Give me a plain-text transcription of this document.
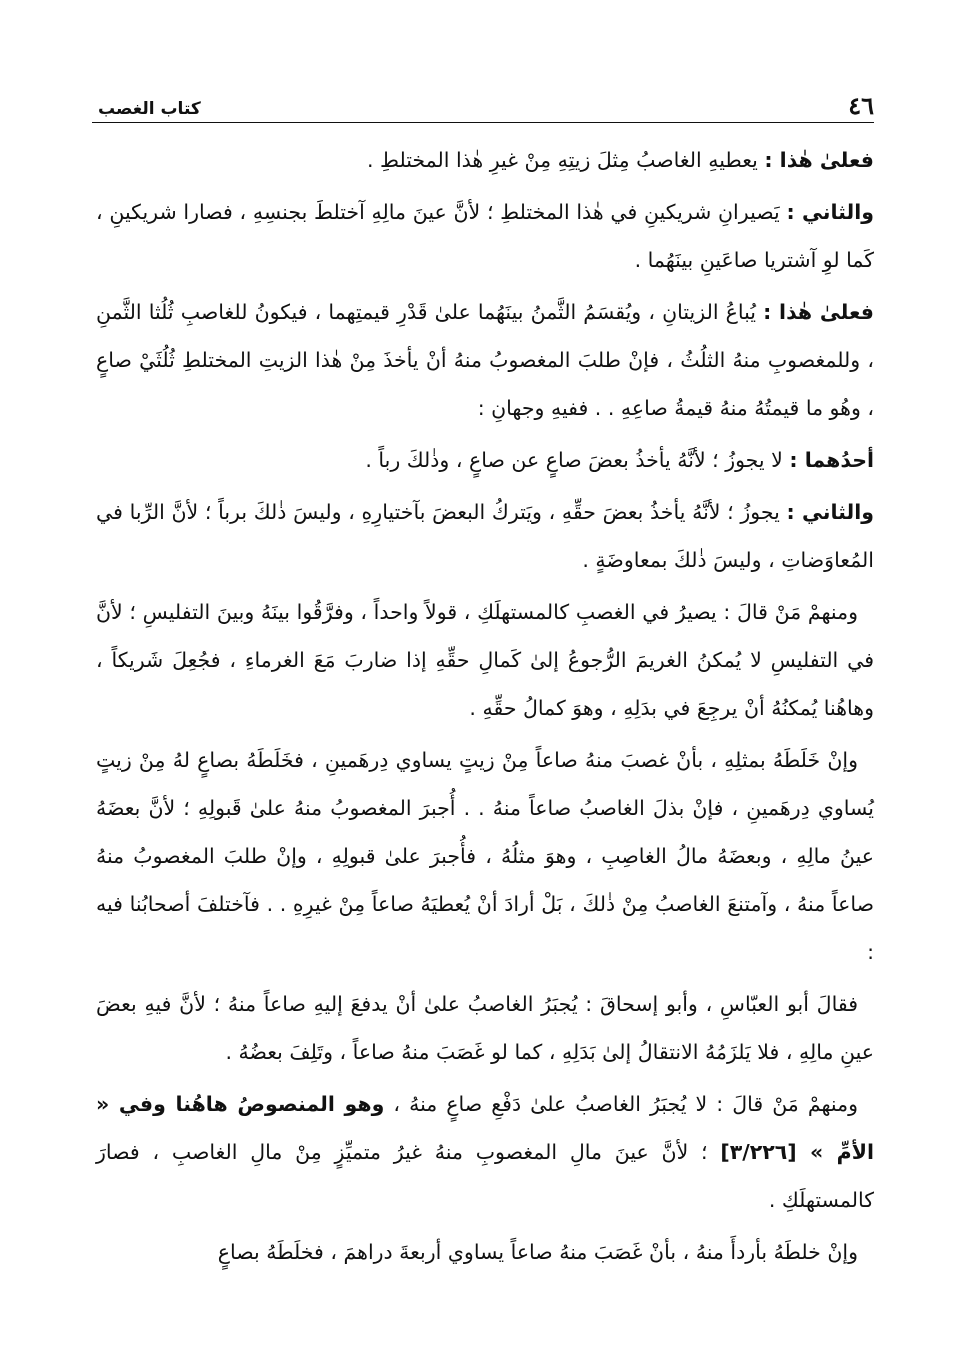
٤٦
كتاب الغصب

فعلىٰ هٰذا : يعطيهِ الغاصبُ مِثلَ زيتِهِ مِنْ غيرِ هٰذا المختلطِ .

والثاني : يَصيرانِ شريكينِ في هٰذا المختلطِ ؛ لأنَّ عينَ مالِهِ آختلطَ بجنسِهِ ، فصارا شريكينِ ، كَما لوِ آشتريا صاعَينِ بينَهُما .

فعلىٰ هٰذا : يُباعُ الزيتانِ ، ويُقسَمُ الثَّمنُ بينَهُما علىٰ قَدْرِ قيمتِهما ، فيكونُ للغاصبِ ثُلُثا الثَّمنِ ، وللمغصوبِ منهُ الثلُثُ ، فإنْ طلبَ المغصوبُ منهُ أنْ يأخذَ مِنْ هٰذا الزيتِ المختلطِ ثُلُثَيْ صاعٍ ، وهُو ما قيمتُهُ منهُ قيمةُ صاعِهِ . . ففيهِ وجهانِ :

أحدُهما : لا يجوزُ ؛ لأنَّهُ يأخذُ بعضَ صاعٍ عن صاعٍ ، وذٰلكَ رباً .

والثاني : يجوزُ ؛ لأنَّهُ يأخذُ بعضَ حقِّهِ ، ويَتركُ البعضَ بآختيارِهِ ، وليسَ ذٰلكَ برباً ؛ لأنَّ الرِّبا في المُعاوَضاتِ ، وليسَ ذٰلكَ بمعاوضَةٍ .

ومنهمْ مَنْ قالَ : يصيرُ في الغصبِ كالمستهلَكِ ، قولاً واحداً ، وفرَّقُوا بينَهُ وبينَ التفليسِ ؛ لأنَّ في التفليسِ لا يُمكنُ الغريمَ الرُّجوعُ إلىٰ كَمالِ حقِّهِ إذا ضاربَ مَعَ الغرماءِ ، فجُعِلَ شَريكاً ، وهاهُنا يُمكنُهُ أنْ يرجِعَ في بدَلِهِ ، وهوَ كمالُ حقِّهِ .

وإنْ خَلَطَهُ بمثلِهِ ، بأنْ غصبَ منهُ صاعاً مِنْ زيتٍ يساوي دِرهَمينِ ، فخَلَطَهُ بصاعٍ لهُ مِنْ زيتٍ يُساوي دِرهَمينِ ، فإنْ بذلَ الغاصبُ صاعاً منهُ . . أُجبرَ المغصوبُ منهُ علىٰ قَبولِهِ ؛ لأنَّ بعضَهُ عينُ مالِهِ ، وبعضَهُ مالُ الغاصِبِ ، وهوَ مثلُهُ ، فأُجبرَ علىٰ قبولِهِ ، وإنْ طلبَ المغصوبُ منهُ صاعاً منهُ ، وآمتنعَ الغاصبُ مِنْ ذٰلكَ ، بَلْ أرادَ أنْ يُعطيَهُ صاعاً مِنْ غيرِهِ . . فآختلفَ أصحابُنا فيه :

فقالَ أبو العبّاسِ ، وأبو إسحاقَ : يُجبَرُ الغاصبُ علىٰ أنْ يدفعَ إليهِ صاعاً منهُ ؛ لأنَّ فيهِ بعضَ عينِ مالِهِ ، فلا يَلزَمُهُ الانتقالُ إلىٰ بَدَلِهِ ، كما لو غَصَبَ منهُ صاعاً ، وتَلِفَ بعضُهُ .

ومنهمْ مَنْ قالَ : لا يُجبَرُ الغاصبُ علىٰ دَفْعِ صاعٍ منهُ ، وهو المنصوصُ هاهُنا وفي « الأمِّ » [٣/٢٢٦] ؛ لأنَّ عينَ مالِ المغصوبِ منهُ غيرُ متميِّزٍ مِنْ مالِ الغاصبِ ، فصارَ كالمستهلَكِ .

وإنْ خلطَهُ بأردأَ منهُ ، بأنْ غَصَبَ منهُ صاعاً يساوي أربعةَ دراهمَ ، فخلَطَهُ بصاعٍ
